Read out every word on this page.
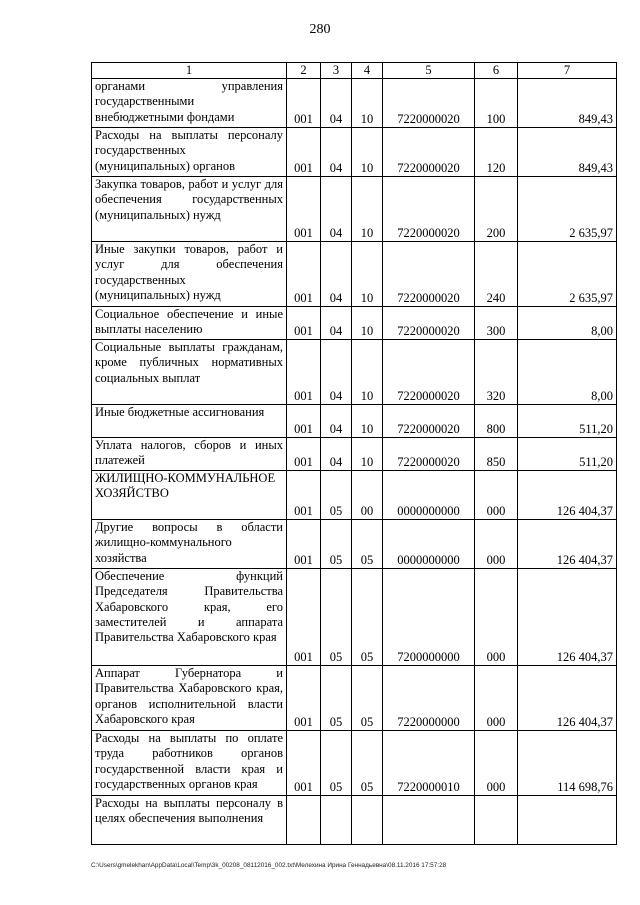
280
1	2	3	4	5	6	7
органами управления государственными внебюджетными фондами	001	04	10	7220000020	100	849,43
Расходы на выплаты персоналу государственных (муниципальных) органов	001	04	10	7220000020	120	849,43
Закупка товаров, работ и услуг для обеспечения государственных (муниципальных) нужд	001	04	10	7220000020	200	2 635,97
Иные закупки товаров, работ и услуг для обеспечения государственных (муниципальных) нужд	001	04	10	7220000020	240	2 635,97
Социальное обеспечение и иные выплаты населению	001	04	10	7220000020	300	8,00
Социальные выплаты гражданам, кроме публичных нормативных социальных выплат	001	04	10	7220000020	320	8,00
Иные бюджетные ассигнования	001	04	10	7220000020	800	511,20
Уплата налогов, сборов и иных платежей	001	04	10	7220000020	850	511,20
ЖИЛИЩНО-КОММУНАЛЬНОЕ ХОЗЯЙСТВО	001	05	00	0000000000	000	126 404,37
Другие вопросы в области жилищно-коммунального хозяйства	001	05	05	0000000000	000	126 404,37
Обеспечение функций Председателя Правительства Хабаровского края, его заместителей и аппарата Правительства Хабаровского края	001	05	05	7200000000	000	126 404,37
Аппарат Губернатора и Правительства Хабаровского края, органов исполнительной власти Хабаровского края	001	05	05	7220000000	000	126 404,37
Расходы на выплаты по оплате труда работников органов государственной власти края и государственных органов края	001	05	05	7220000010	000	114 698,76
Расходы на выплаты персоналу в целях обеспечения выполнения						
C:\Users\gmelekhan\AppData\Local\Temp\3k_00208_08112016_002.txt\Мелехина Ирина Геннадьевна\08.11.2016 17:57:28
